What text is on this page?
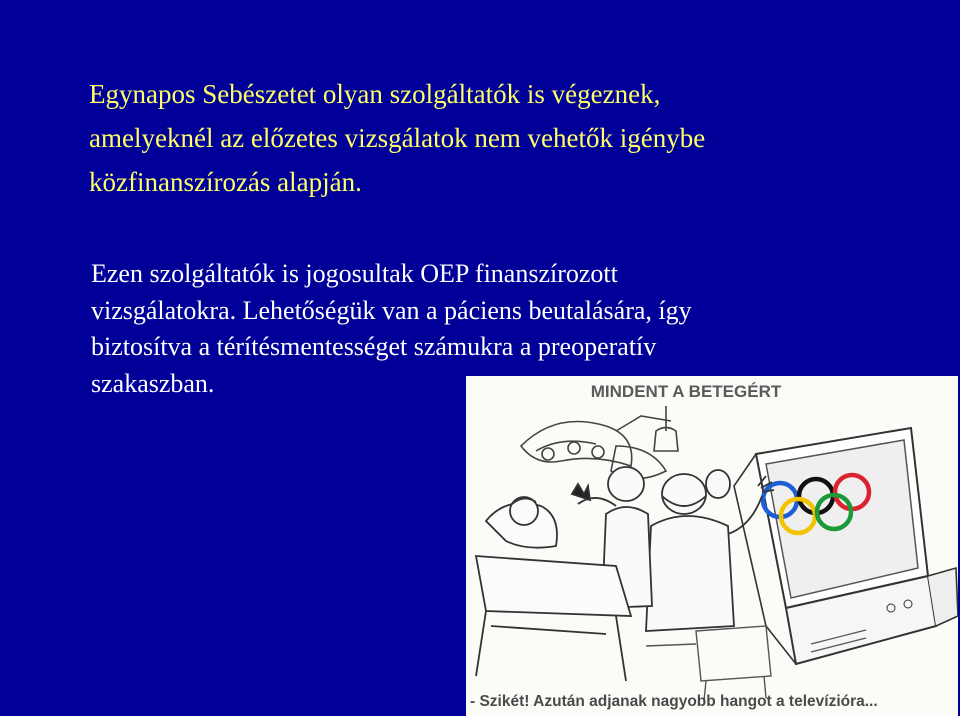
Egynapos Sebészetet olyan szolgáltatók is végeznek,
amelyeknél az előzetes vizsgálatok nem vehetők igénybe
közfinanszírozás alapján.
Ezen szolgáltatók is jogosultak OEP finanszírozott
vizsgálatokra. Lehetőségük van a páciens beutalására, így
biztosítva a térítésmentességet számukra a preoperatív
szakaszban.	MINDENT A BETEGÉRT
- Szikét! Azután adjanak nagyobb hangot a televízióra...
